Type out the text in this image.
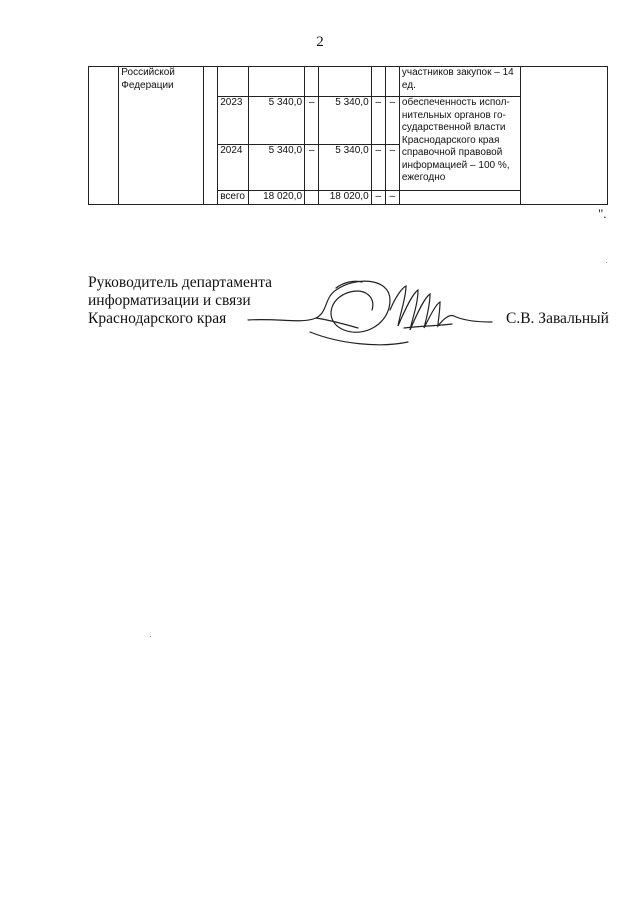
2
	Российской Федерации								участников закупок – 14 ед.	
			2023	5 340,0	–	5 340,0	–	–	обеспеченность испол-нительных органов го-сударственной власти Краснодарского края справочной правовой информацией – 100 %, ежегодно	
			2024	5 340,0	–	5 340,0	–	–		
			всего	18 020,0		18 020,0	–	–		
".
Руководитель департамента
информатизации и связи
Краснодарского края	С.В. Завальный
